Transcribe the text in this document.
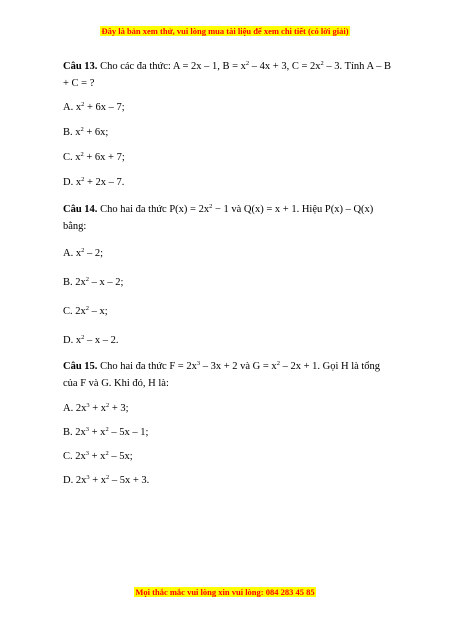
Đây là bản xem thử, vui lòng mua tài liệu để xem chi tiết (có lời giải)

Câu 13. Cho các đa thức: A = 2x – 1, $B = x^2 - 4x + 3$, $C = 2x^2 - 3$. Tính A – B + C = ?

A. $x^2 + 6x - 7$;

B. $x^2 + 6x$;

C. $x^2 + 6x + 7$;

D. $x^2 + 2x - 7$.

Câu 14. Cho hai đa thức $P(x) = 2x^2 - 1$ và Q(x) = x + 1. Hiệu P(x) – Q(x) bằng:

A. $x^2 - 2$;

B. $2x^2$ – x – 2;

C. $2x^2$ – x;

D. $x^2$ – x – 2.

Câu 15. Cho hai đa thức $F = 2x^3 - 3x + 2$ và $G = x^2 - 2x + 1$. Gọi H là tổng của F và G. Khi đó, H là:

A. $2x^3 + x^2 + 3$;

B. $2x^3 + x^2 - 5x - 1$;

C. $2x^3 + x^2 - 5x$;

D. $2x^3 + x^2 - 5x + 3$.

Mọi thắc mắc vui lòng xin vui lòng: 084 283 45 85
